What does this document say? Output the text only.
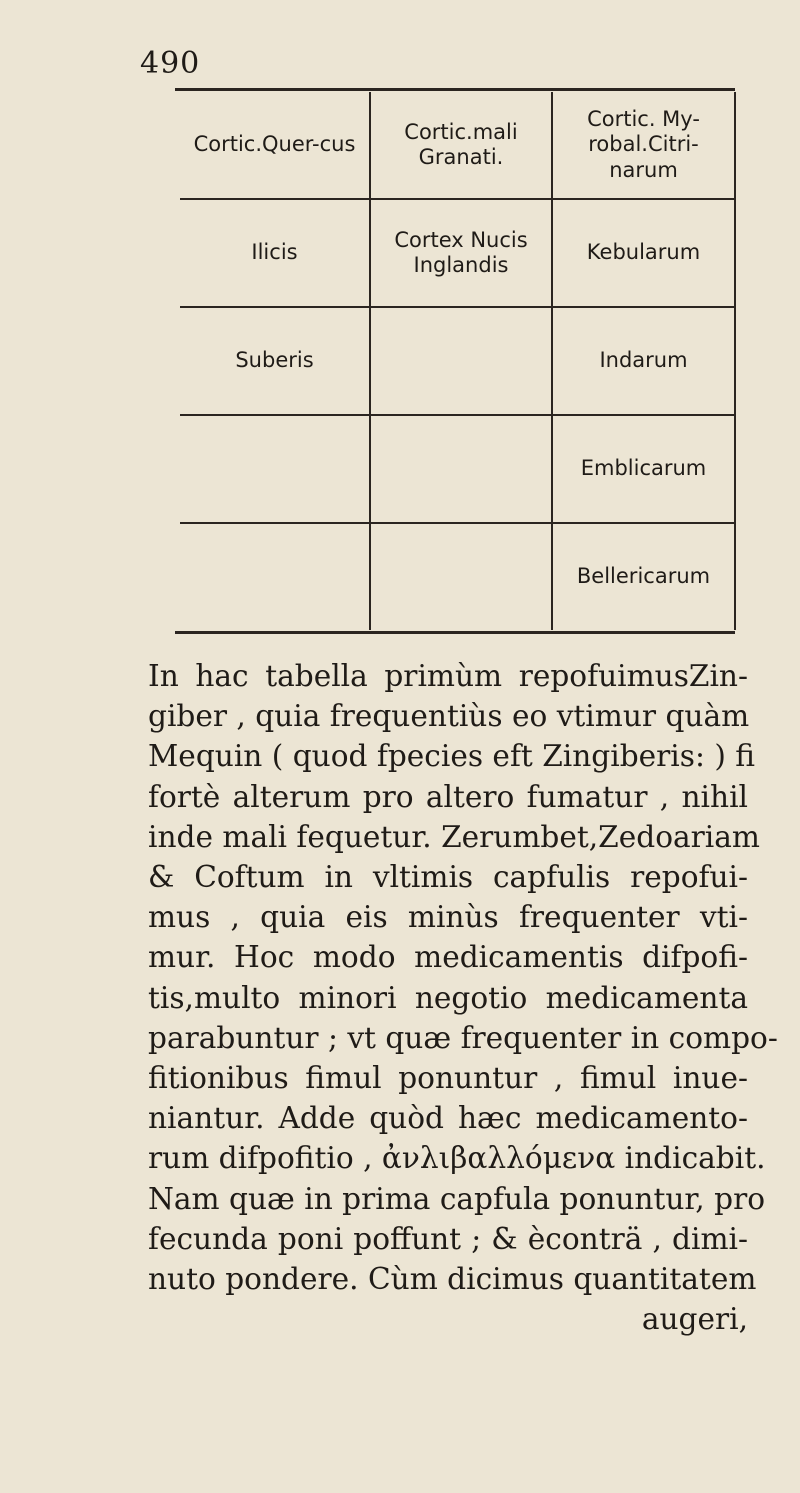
490
Cortic.Quer-cus	Cortic.mali Granati.	Cortic. My-robal.Citri-narum
Ilicis	Cortex Nucis Inglandis	Kebularum
Suberis		Indarum
		Emblicarum
		Bellericarum
In hac tabella primùm repofuimusZin-
giber , quia frequentiùs eo vtimur quàm
Mequin ( quod fpecies eft Zingiberis: ) fi
fortè alterum pro altero fumatur , nihil
inde mali fequetur. Zerumbet,Zedoariam
& Coftum in vltimis capfulis repofui-
mus , quia eis minùs frequenter vti-
mur. Hoc modo medicamentis difpofi-
tis,multo minori negotio medicamenta
parabuntur ; vt quæ frequenter in compo-
fitionibus fimul ponuntur , fimul inue-
niantur. Adde quòd hæc medicamento-
rum difpofitio , ἀνλιβαλλόμενα indicabit.
Nam quæ in prima capfula ponuntur, pro
fecunda poni poffunt ; & èconträ , dimi-
nuto pondere. Cùm dicimus quantitatem
augeri,
